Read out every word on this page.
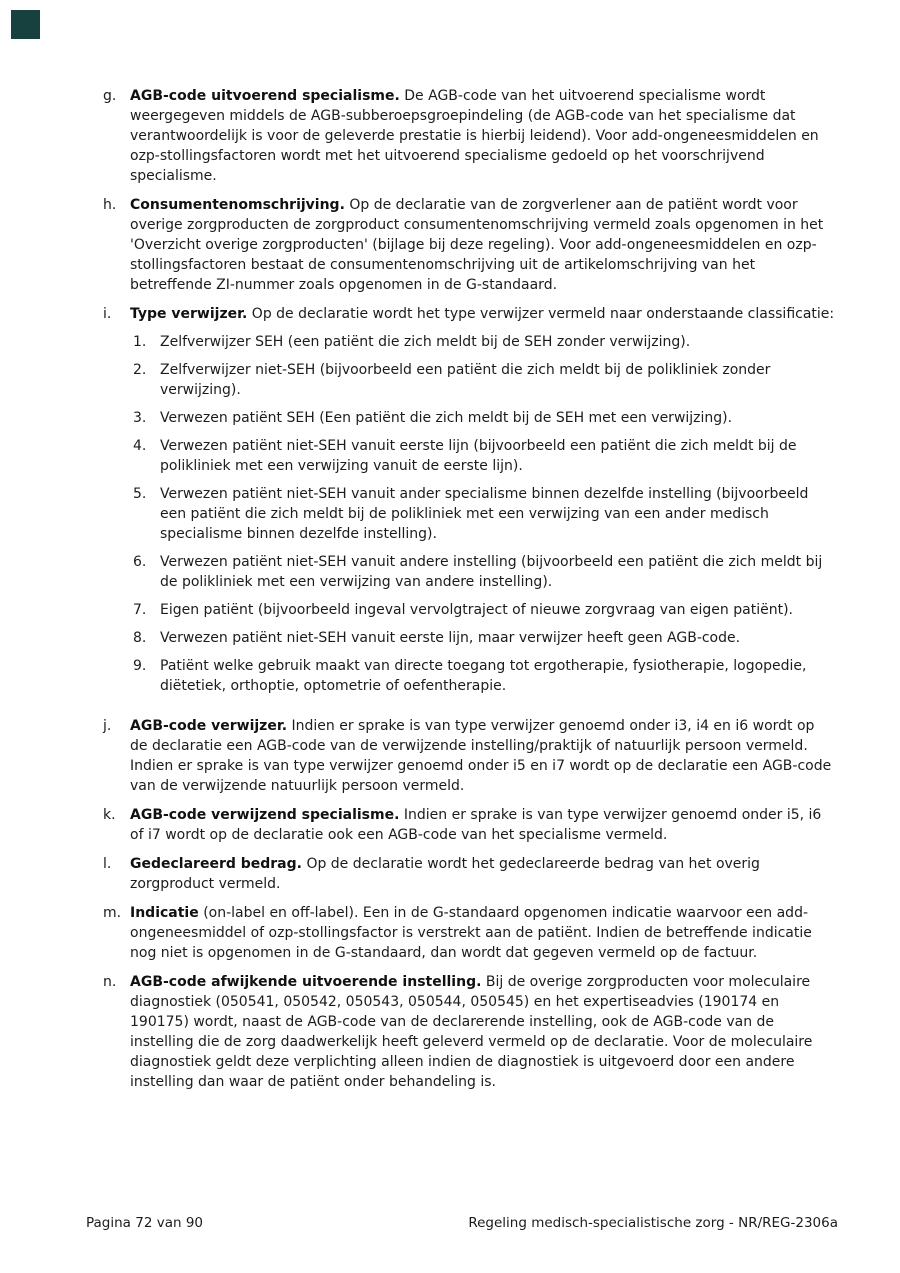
g. AGB-code uitvoerend specialisme. De AGB-code van het uitvoerend specialisme wordt weergegeven middels de AGB-subberoepsgroepindeling (de AGB-code van het specialisme dat verantwoordelijk is voor de geleverde prestatie is hierbij leidend). Voor add-ongeneesmiddelen en ozp-stollingsfactoren wordt met het uitvoerend specialisme gedoeld op het voorschrijvend specialisme.
h. Consumentenomschrijving. Op de declaratie van de zorgverlener aan de patiënt wordt voor overige zorgproducten de zorgproduct consumentenomschrijving vermeld zoals opgenomen in het 'Overzicht overige zorgproducten' (bijlage bij deze regeling). Voor add-ongeneesmiddelen en ozp-stollingsfactoren bestaat de consumentenomschrijving uit de artikelomschrijving van het betreffende ZI-nummer zoals opgenomen in de G-standaard.
i.	Type verwijzer. Op de declaratie wordt het type verwijzer vermeld naar onderstaande classificatie:
1. Zelfverwijzer SEH (een patiënt die zich meldt bij de SEH zonder verwijzing).
2. Zelfverwijzer niet-SEH (bijvoorbeeld een patiënt die zich meldt bij de polikliniek zonder verwijzing).
3. Verwezen patiënt SEH (Een patiënt die zich meldt bij de SEH met een verwijzing).
4. Verwezen patiënt niet-SEH vanuit eerste lijn (bijvoorbeeld een patiënt die zich meldt bij de polikliniek met een verwijzing vanuit de eerste lijn).
5. Verwezen patiënt niet-SEH vanuit ander specialisme binnen dezelfde instelling (bijvoorbeeld een patiënt die zich meldt bij de polikliniek met een verwijzing van een ander medisch specialisme binnen dezelfde instelling).
6. Verwezen patiënt niet-SEH vanuit andere instelling (bijvoorbeeld een patiënt die zich meldt bij de polikliniek met een verwijzing van andere instelling).
7. Eigen patiënt (bijvoorbeeld ingeval vervolgtraject of nieuwe zorgvraag van eigen patiënt).
8. Verwezen patiënt niet-SEH vanuit eerste lijn, maar verwijzer heeft geen AGB-code.
9. Patiënt welke gebruik maakt van directe toegang tot ergotherapie, fysiotherapie, logopedie, diëtetiek, orthoptie, optometrie of oefentherapie.
j.	AGB-code verwijzer. Indien er sprake is van type verwijzer genoemd onder i3, i4 en i6 wordt op de declaratie een AGB-code van de verwijzende instelling/praktijk of natuurlijk persoon vermeld. Indien er sprake is van type verwijzer genoemd onder i5 en i7 wordt op de declaratie een AGB-code van de verwijzende natuurlijk persoon vermeld.
k.	AGB-code verwijzend specialisme. Indien er sprake is van type verwijzer genoemd onder i5, i6 of i7 wordt op de declaratie ook een AGB-code van het specialisme vermeld.
l.	Gedeclareerd bedrag. Op de declaratie wordt het gedeclareerde bedrag van het overig zorgproduct vermeld.
m. Indicatie (on-label en off-label). Een in de G-standaard opgenomen indicatie waarvoor een add-ongeneesmiddel of ozp-stollingsfactor is verstrekt aan de patiënt. Indien de betreffende indicatie nog niet is opgenomen in de G-standaard, dan wordt dat gegeven vermeld op de factuur.
n. AGB-code afwijkende uitvoerende instelling. Bij de overige zorgproducten voor moleculaire diagnostiek (050541, 050542, 050543, 050544, 050545) en het expertiseadvies (190174 en 190175) wordt, naast de AGB-code van de declarerende instelling, ook de AGB-code van de instelling die de zorg daadwerkelijk heeft geleverd vermeld op de declaratie. Voor de moleculaire diagnostiek geldt deze verplichting alleen indien de diagnostiek is uitgevoerd door een andere instelling dan waar de patiënt onder behandeling is.
Pagina 72 van 90	Regeling medisch-specialistische zorg - NR/REG-2306a
